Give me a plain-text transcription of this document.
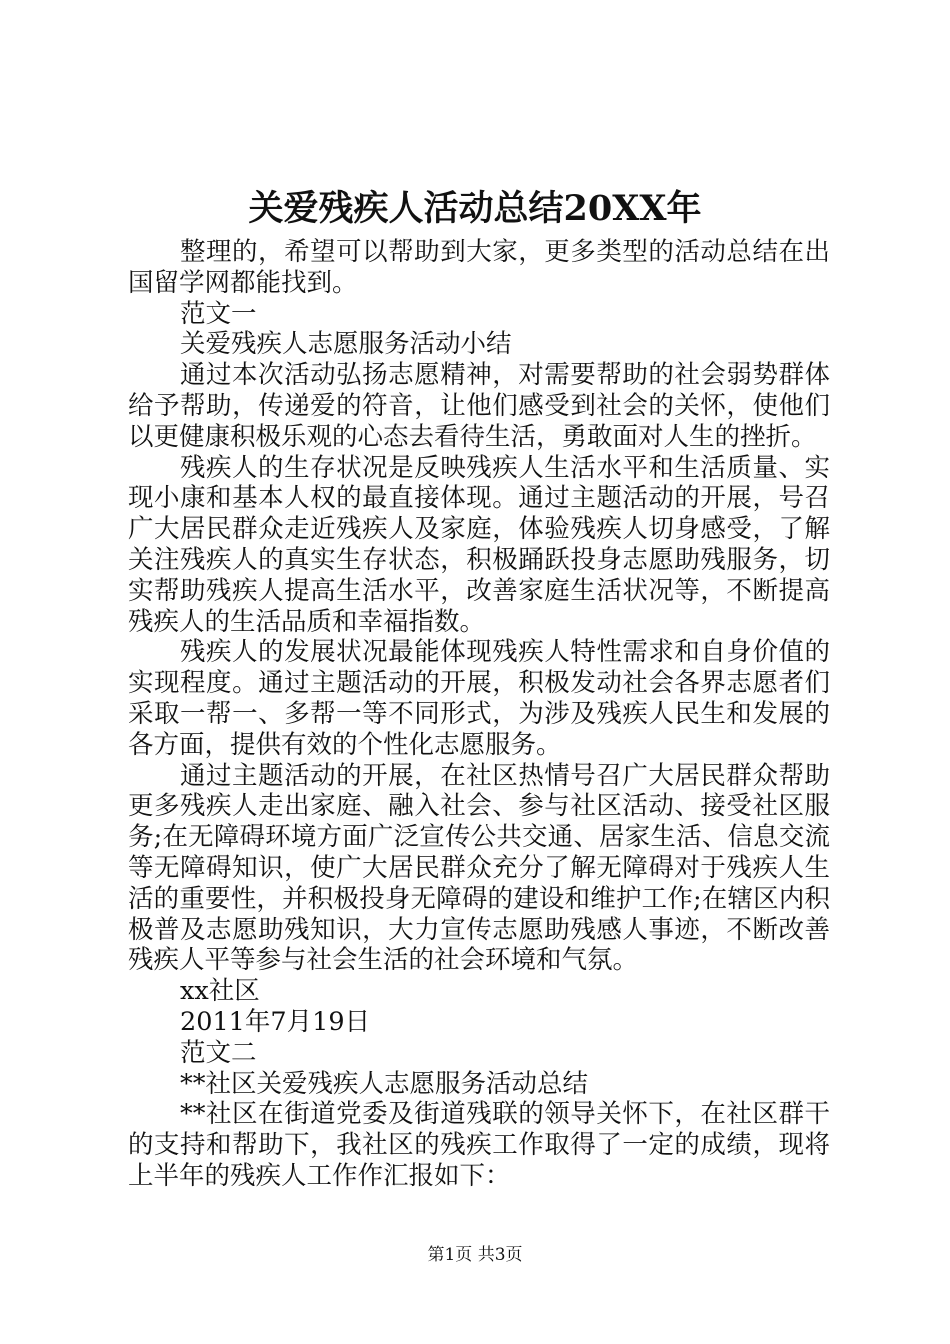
关爱残疾人活动总结20XX年
整理的，希望可以帮助到大家，更多类型的活动总结在出
国留学网都能找到。
范文一
关爱残疾人志愿服务活动小结
通过本次活动弘扬志愿精神，对需要帮助的社会弱势群体
给予帮助，传递爱的符音，让他们感受到社会的关怀，使他们
以更健康积极乐观的心态去看待生活，勇敢面对人生的挫折。
残疾人的生存状况是反映残疾人生活水平和生活质量、实
现小康和基本人权的最直接体现。通过主题活动的开展，号召
广大居民群众走近残疾人及家庭，体验残疾人切身感受，了解
关注残疾人的真实生存状态，积极踊跃投身志愿助残服务，切
实帮助残疾人提高生活水平，改善家庭生活状况等，不断提高
残疾人的生活品质和幸福指数。
残疾人的发展状况最能体现残疾人特性需求和自身价值的
实现程度。通过主题活动的开展，积极发动社会各界志愿者们
采取一帮一、多帮一等不同形式，为涉及残疾人民生和发展的
各方面，提供有效的个性化志愿服务。
通过主题活动的开展，在社区热情号召广大居民群众帮助
更多残疾人走出家庭、融入社会、参与社区活动、接受社区服
务;在无障碍环境方面广泛宣传公共交通、居家生活、信息交流
等无障碍知识，使广大居民群众充分了解无障碍对于残疾人生
活的重要性，并积极投身无障碍的建设和维护工作;在辖区内积
极普及志愿助残知识，大力宣传志愿助残感人事迹，不断改善
残疾人平等参与社会生活的社会环境和气氛。
xx社区
2011年7月19日
范文二
**社区关爱残疾人志愿服务活动总结
**社区在街道党委及街道残联的领导关怀下，在社区群干
的支持和帮助下，我社区的残疾工作取得了一定的成绩，现将
上半年的残疾人工作作汇报如下：
第1页 共3页
